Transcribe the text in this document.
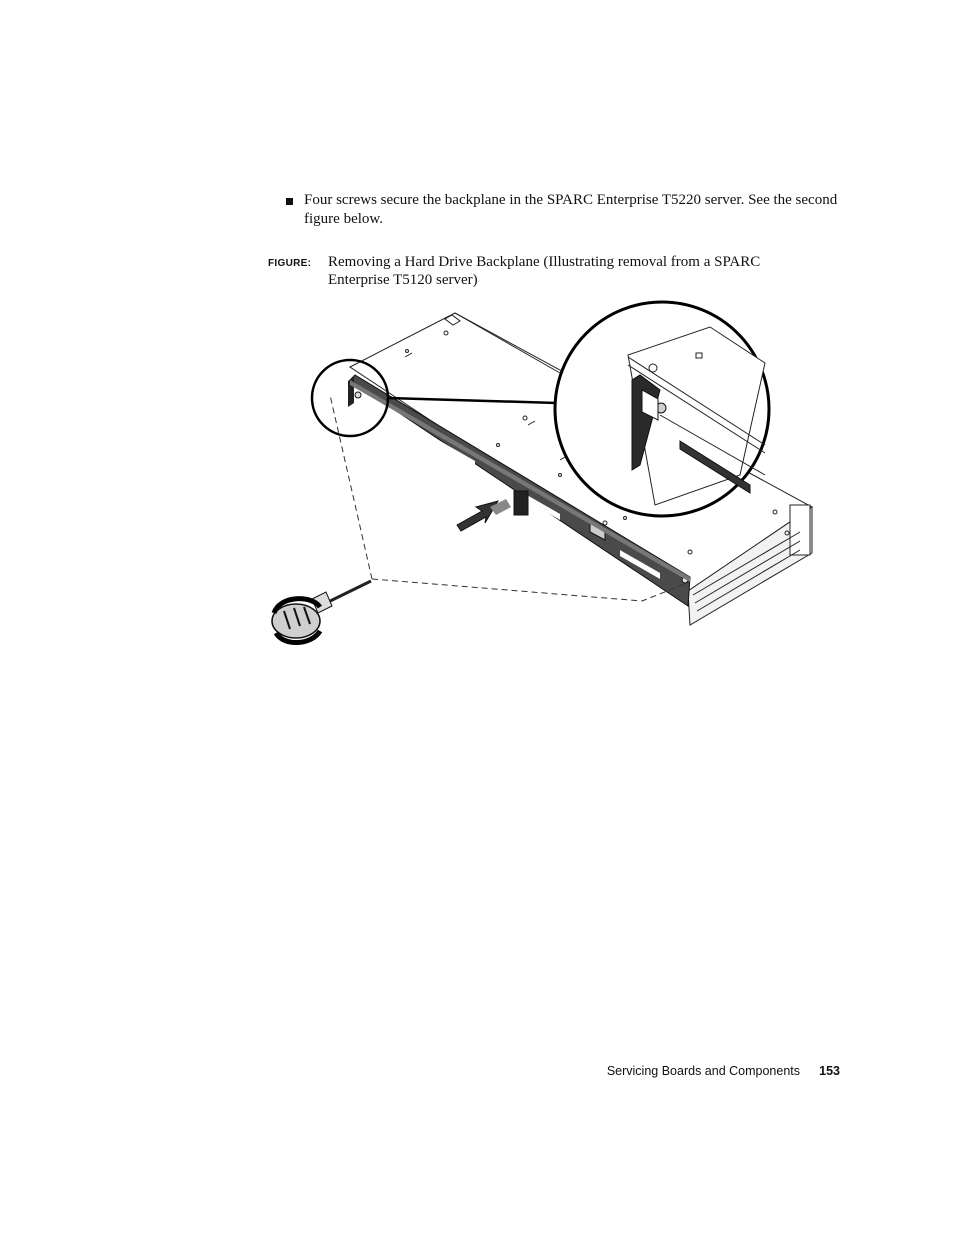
Four screws secure the backplane in the SPARC Enterprise T5220 server. See the second figure below.
FIGURE: Removing a Hard Drive Backplane (Illustrating removal from a SPARC Enterprise T5120 server)
Servicing Boards and Components 153
